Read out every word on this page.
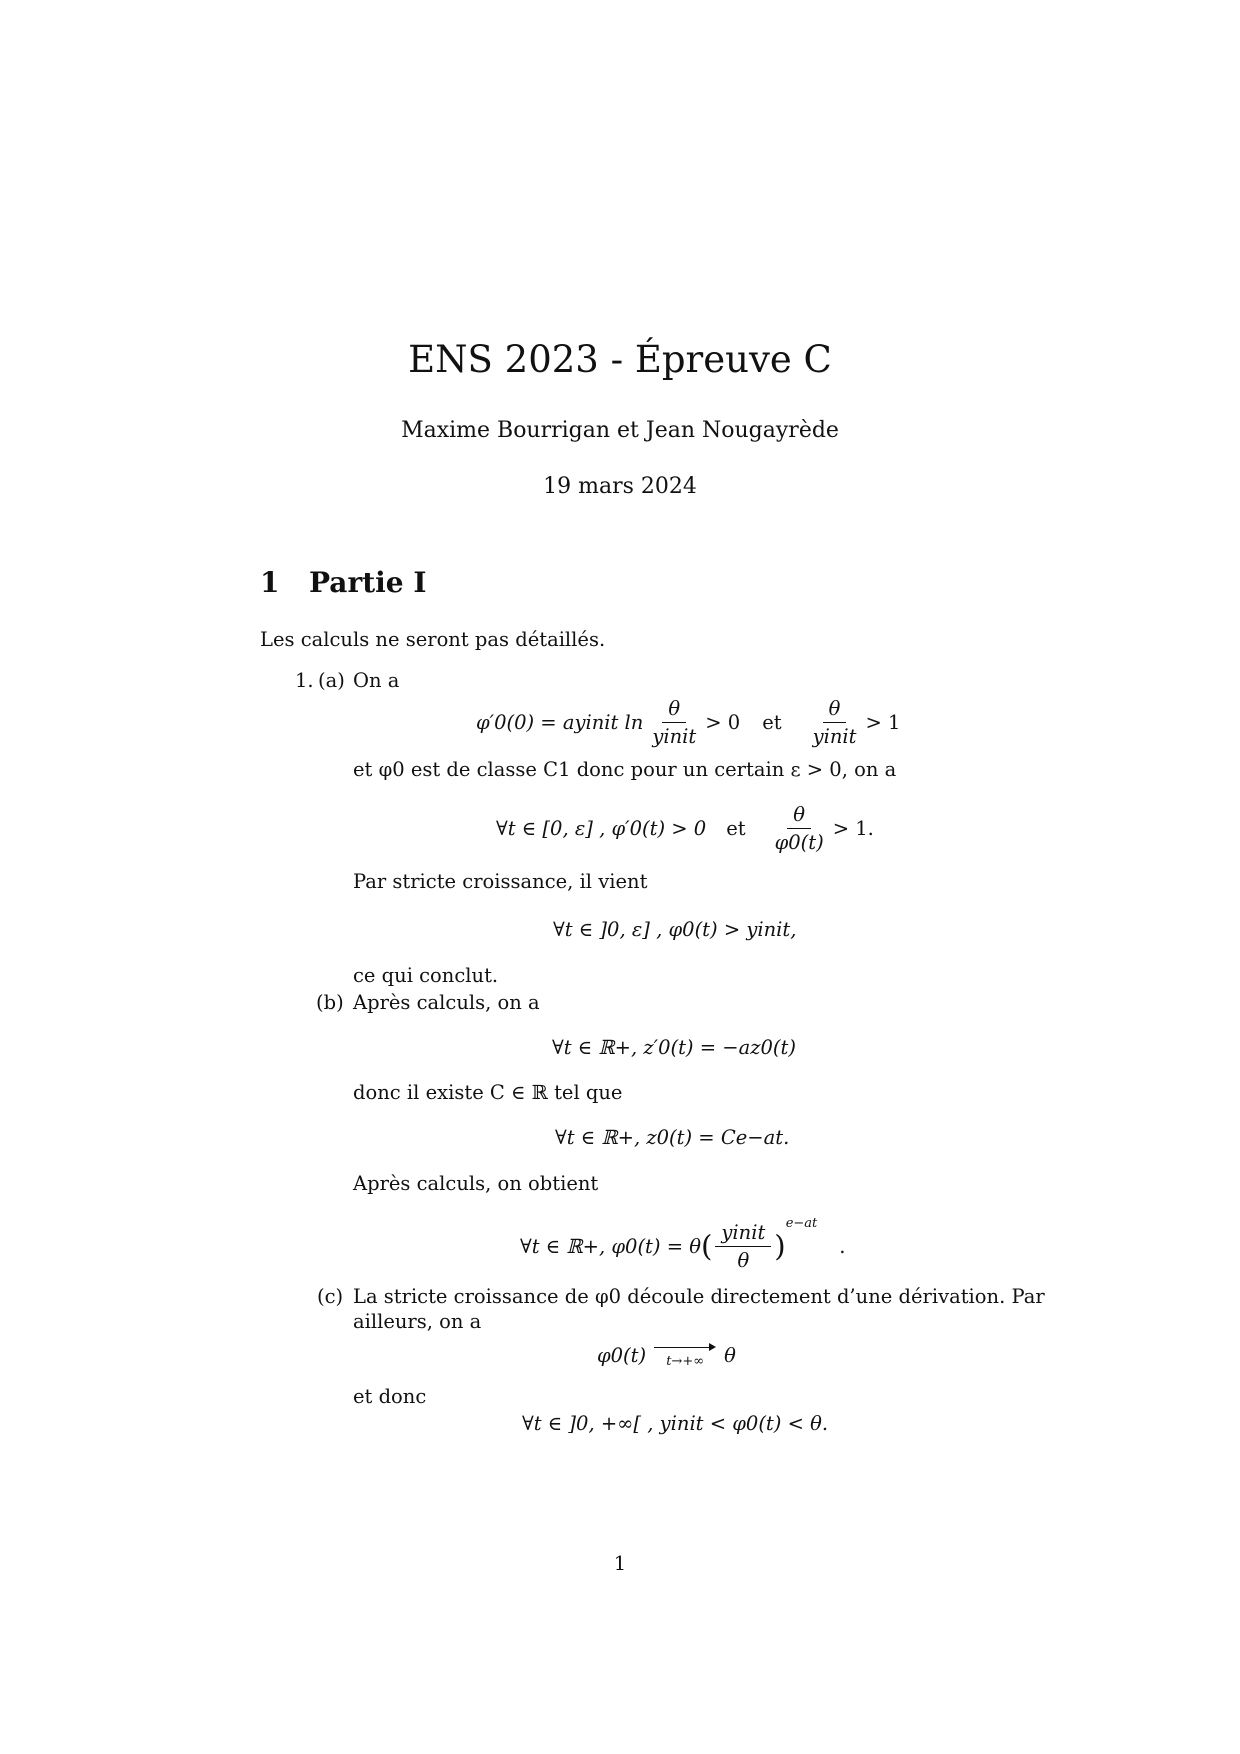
ENS 2023 - Épreuve C
Maxime Bourrigan et Jean Nougayrède
19 mars 2024
1 Partie I
Les calculs ne seront pas détaillés.
1. (a) On a
φ′0(0) = ayinit $\ln \frac{\theta}{\text{yinit}} > 0$ et $\frac{\theta}{\text{yinit}} > 1$
et φ0 est de classe C1 donc pour un certain ε > 0, on a
∀t ∈ [0, ε] , φ′0(t) > 0 et $\frac{\theta}{\varphi 0(t)} > 1$.
Par stricte croissance, il vient
∀t ∈ ]0, ε] , φ0(t) > yinit,
ce qui conclut.
(b) Après calculs, on a
∀t ∈ ℝ+, z′0(t) = −az0(t)
donc il existe C ∈ ℝ tel que
∀t ∈ ℝ+, z0(t) = Ce−at.
Après calculs, on obtient
∀t ∈ ℝ+, φ0(t) = θ ( $\frac{\text{yinit}}{\theta}$ )
e−at
.
(c) La stricte croissance de φ0 découle directement d’une dérivation. Par
ailleurs, on a
φ0(t) t→+∞ θ
et donc
∀t ∈ ]0, +∞[ , yinit < φ0(t) < θ.
1
